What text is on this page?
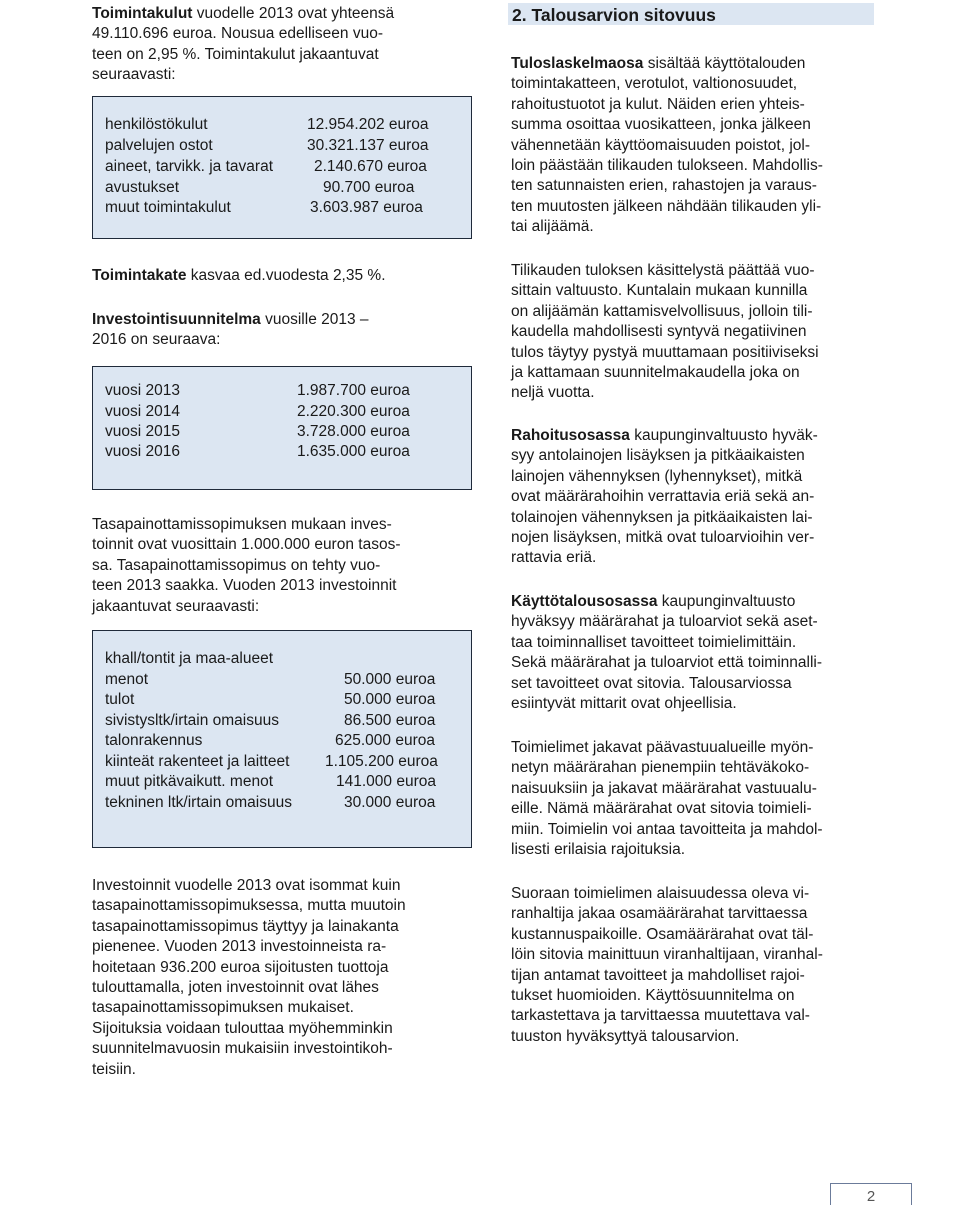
Toimintakulut vuodelle 2013 ovat yhteensä

49.110.696 euroa. Nousua edelliseen vuo-

teen on 2,95 %. Toimintakulut jakaantuvat

seuraavasti:

henkilöstökulut	12.954.202 euroa
palvelujen ostot	30.321.137 euroa
aineet, tarvikk. ja tavarat	2.140.670 euroa
avustukset	90.700 euroa
muut toimintakulut	3.603.987 euroa

Toimintakate kasvaa ed.vuodesta 2,35 %.

Investointisuunnitelma vuosille 2013 –

2016 on seuraava:

vuosi 2013	1.987.700 euroa
vuosi 2014	2.220.300 euroa
vuosi 2015	3.728.000 euroa
vuosi 2016	1.635.000 euroa

Tasapainottamissopimuksen mukaan inves-

toinnit ovat vuosittain 1.000.000 euron tasos-

sa. Tasapainottamissopimus on tehty vuo-

teen 2013 saakka. Vuoden 2013 investoinnit

jakaantuvat seuraavasti:

khall/tontit ja maa-alueet
menot	50.000 euroa
tulot	50.000 euroa
sivistysltk/irtain omaisuus	86.500 euroa
talonrakennus	625.000 euroa
kiinteät rakenteet ja laitteet 1.105.200 euroa
muut pitkävaikutt. menot	141.000 euroa
tekninen ltk/irtain omaisuus	30.000 euroa

Investoinnit vuodelle 2013 ovat isommat kuin

tasapainottamissopimuksessa, mutta muutoin

tasapainottamissopimus täyttyy ja lainakanta

pienenee. Vuoden 2013 investoinneista ra-

hoitetaan 936.200 euroa sijoitusten tuottoja

tulouttamalla, joten investoinnit ovat lähes

tasapainottamissopimuksen mukaiset.

Sijoituksia voidaan tulouttaa myöhemminkin

suunnitelmavuosin mukaisiin investointikoh-

teisiin.

2. Talousarvion sitovuus

Tuloslaskelmaosa sisältää käyttötalouden

toimintakatteen, verotulot, valtionosuudet,

rahoitustuotot ja kulut. Näiden erien yhteis-

summa osoittaa vuosikatteen, jonka jälkeen

vähennetään käyttöomaisuuden poistot, jol-

loin päästään tilikauden tulokseen. Mahdollis-

ten satunnaisten erien, rahastojen ja varaus-

ten muutosten jälkeen nähdään tilikauden yli-

tai alijäämä.

Tilikauden tuloksen käsittelystä päättää vuo-

sittain valtuusto. Kuntalain mukaan kunnilla

on alijäämän kattamisvelvollisuus, jolloin tili-

kaudella mahdollisesti syntyvä negatiivinen

tulos täytyy pystyä muuttamaan positiiviseksi

ja kattamaan suunnitelmakaudella joka on

neljä vuotta.

Rahoitusosassa kaupunginvaltuusto hyväk-

syy antolainojen lisäyksen ja pitkäaikaisten

lainojen vähennyksen (lyhennykset), mitkä

ovat määrärahoihin verrattavia eriä sekä an-

tolainojen vähennyksen ja pitkäaikaisten lai-

nojen lisäyksen, mitkä ovat tuloarvioihin ver-

rattavia eriä.

Käyttötalousosassa kaupunginvaltuusto

hyväksyy määrärahat ja tuloarviot sekä aset-

taa toiminnalliset tavoitteet toimielimittäin.

Sekä määrärahat ja tuloarviot että toiminnalli-

set tavoitteet ovat sitovia. Talousarviossa

esiintyvät mittarit ovat ohjeellisia.

Toimielimet jakavat päävastuualueille myön-

netyn määrärahan pienempiin tehtäväkoko-

naisuuksiin ja jakavat määrärahat vastuualu-

eille. Nämä määrärahat ovat sitovia toimieli-

miin. Toimielin voi antaa tavoitteita ja mahdol-

lisesti erilaisia rajoituksia.

Suoraan toimielimen alaisuudessa oleva vi-

ranhaltija jakaa osamäärärahat tarvittaessa

kustannuspaikoille. Osamäärärahat ovat täl-

löin sitovia mainittuun viranhaltijaan, viranhal-

tijan antamat tavoitteet ja mahdolliset rajoi-

tukset huomioiden. Käyttösuunnitelma on

tarkastettava ja tarvittaessa muutettava val-

tuuston hyväksyttyä talousarvion.

2
